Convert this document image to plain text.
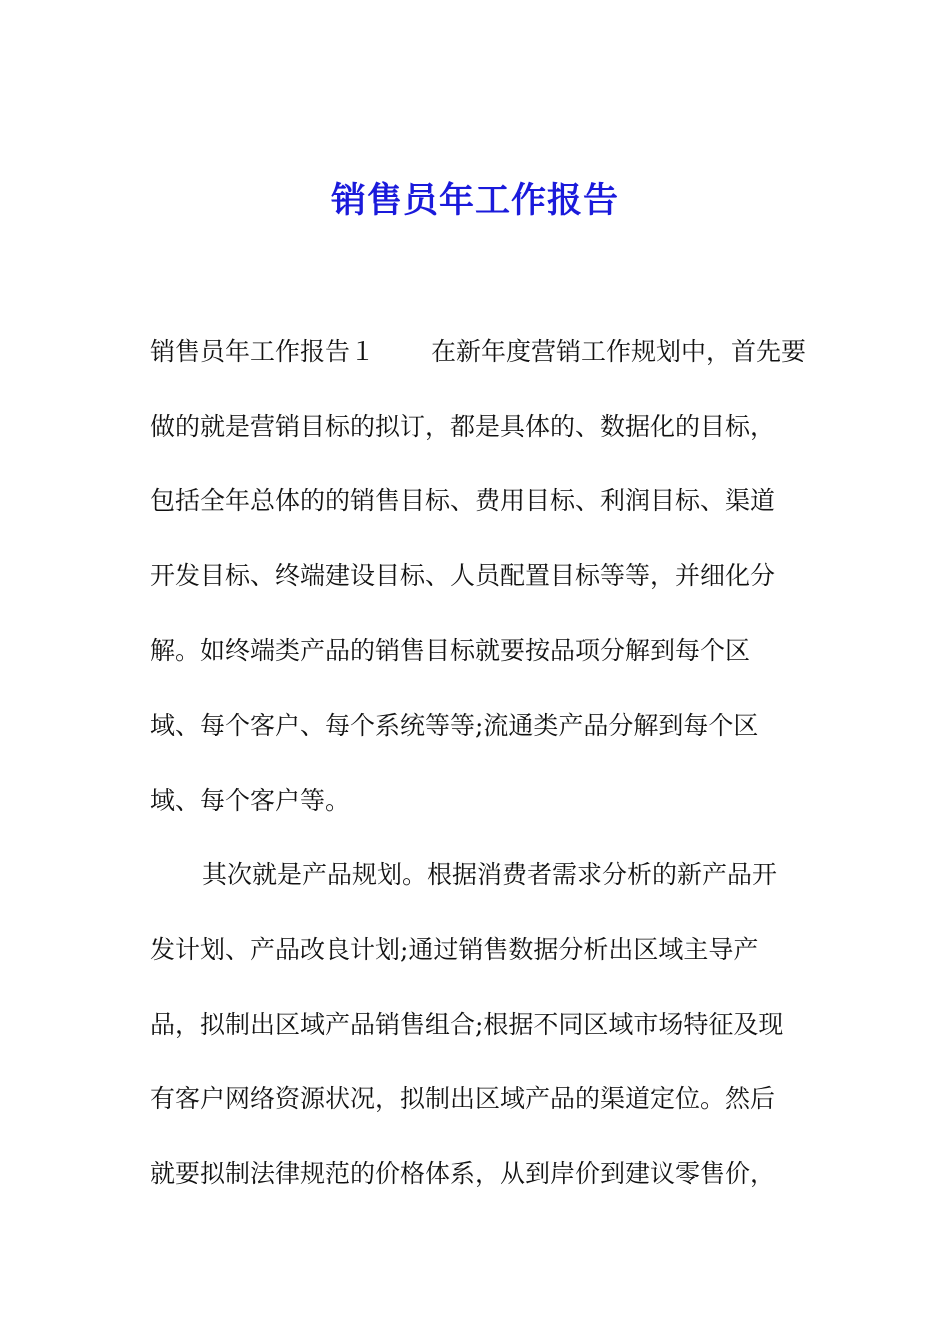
销售员年工作报告
销售员年工作报告１ 在新年度营销工作规划中，首先要
做的就是营销目标的拟订，都是具体的、数据化的目标，
包括全年总体的的销售目标、费用目标、利润目标、渠道
开发目标、终端建设目标、人员配置目标等等，并细化分
解。如终端类产品的销售目标就要按品项分解到每个区
域、每个客户、每个系统等等;流通类产品分解到每个区
域、每个客户等。
其次就是产品规划。根据消费者需求分析的新产品开
发计划、产品改良计划;通过销售数据分析出区域主导产
品，拟制出区域产品销售组合;根据不同区域市场特征及现
有客户网络资源状况，拟制出区域产品的渠道定位。然后
就要拟制法律规范的价格体系，从到岸价到建议零售价，
